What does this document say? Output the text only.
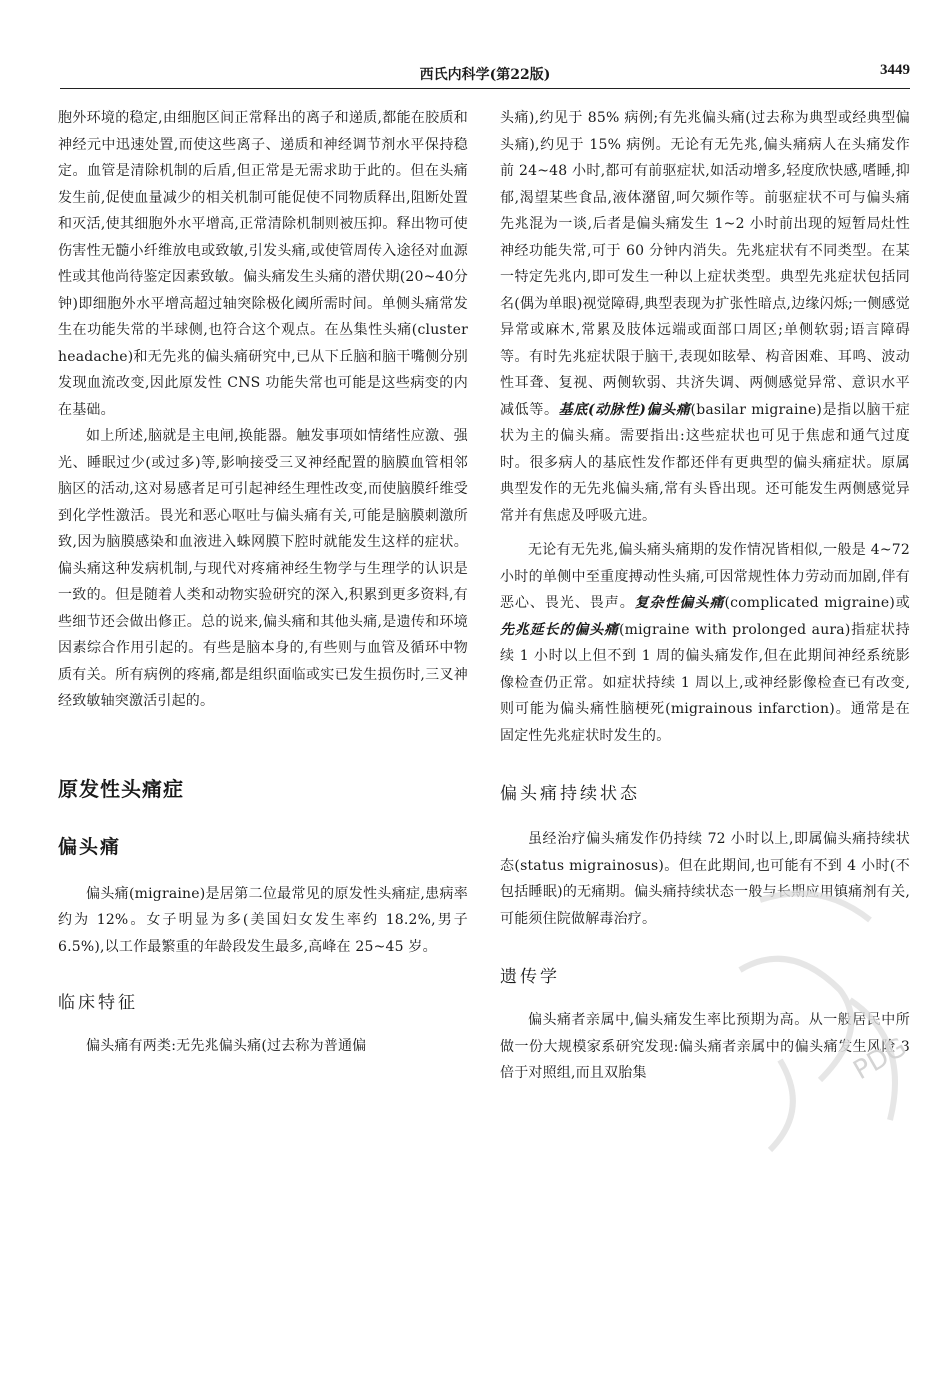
西氏内科学(第22版)	3449

胞外环境的稳定,由细胞区间正常释出的离子和递质,都能在胶质和神经元中迅速处置,而使这些离子、递质和神经调节剂水平保持稳定。血管是清除机制的后盾,但正常是无需求助于此的。但在头痛发生前,促使血量减少的相关机制可能促使不同物质释出,阻断处置和灭活,使其细胞外水平增高,正常清除机制则被压抑。释出物可使伤害性无髓小纤维放电或致敏,引发头痛,或使管周传入途径对血源性或其他尚待鉴定因素致敏。偏头痛发生头痛的潜伏期(20~40分钟)即细胞外水平增高超过轴突除极化阈所需时间。单侧头痛常发生在功能失常的半球侧,也符合这个观点。在丛集性头痛(cluster headache)和无先兆的偏头痛研究中,已从下丘脑和脑干嘴侧分别发现血流改变,因此原发性 CNS 功能失常也可能是这些病变的内在基础。

如上所述,脑就是主电闸,换能器。触发事项如情绪性应激、强光、睡眠过少(或过多)等,影响接受三叉神经配置的脑膜血管相邻脑区的活动,这对易感者足可引起神经生理性改变,而使脑膜纤维受到化学性激活。畏光和恶心呕吐与偏头痛有关,可能是脑膜刺激所致,因为脑膜感染和血液进入蛛网膜下腔时就能发生这样的症状。偏头痛这种发病机制,与现代对疼痛神经生物学与生理学的认识是一致的。但是随着人类和动物实验研究的深入,积累到更多资料,有些细节还会做出修正。总的说来,偏头痛和其他头痛,是遗传和环境因素综合作用引起的。有些是脑本身的,有些则与血管及循环中物质有关。所有病例的疼痛,都是组织面临或实已发生损伤时,三叉神经致敏轴突激活引起的。

原发性头痛症
偏头痛

偏头痛(migraine)是居第二位最常见的原发性头痛症,患病率约为 12%。女子明显为多(美国妇女发生率约 18.2%,男子 6.5%),以工作最繁重的年龄段发生最多,高峰在 25~45 岁。

临床特征

偏头痛有两类:无先兆偏头痛(过去称为普通偏

头痛),约见于 85% 病例;有先兆偏头痛(过去称为典型或经典型偏头痛),约见于 15% 病例。无论有无先兆,偏头痛病人在头痛发作前 24~48 小时,都可有前驱症状,如活动增多,轻度欣快感,嗜睡,抑郁,渴望某些食品,液体潴留,呵欠频作等。前驱症状不可与偏头痛先兆混为一谈,后者是偏头痛发生 1~2 小时前出现的短暂局灶性神经功能失常,可于 60 分钟内消失。先兆症状有不同类型。在某一特定先兆内,即可发生一种以上症状类型。典型先兆症状包括同名(偶为单眼)视觉障碍,典型表现为扩张性暗点,边缘闪烁;一侧感觉异常或麻木,常累及肢体远端或面部口周区;单侧软弱;语言障碍等。有时先兆症状限于脑干,表现如眩晕、构音困难、耳鸣、波动性耳聋、复视、两侧软弱、共济失调、两侧感觉异常、意识水平减低等。基底(动脉性)偏头痛(basilar migraine)是指以脑干症状为主的偏头痛。需要指出:这些症状也可见于焦虑和通气过度时。很多病人的基底性发作都还伴有更典型的偏头痛症状。原属典型发作的无先兆偏头痛,常有头昏出现。还可能发生两侧感觉异常并有焦虑及呼吸亢进。

无论有无先兆,偏头痛头痛期的发作情况皆相似,一般是 4~72 小时的单侧中至重度搏动性头痛,可因常规性体力劳动而加剧,伴有恶心、畏光、畏声。复杂性偏头痛(complicated migraine)或先兆延长的偏头痛(migraine with prolonged aura)指症状持续 1 小时以上但不到 1 周的偏头痛发作,但在此期间神经系统影像检查仍正常。如症状持续 1 周以上,或神经影像检查已有改变,则可能为偏头痛性脑梗死(migrainous infarction)。通常是在固定性先兆症状时发生的。

偏头痛持续状态

虽经治疗偏头痛发作仍持续 72 小时以上,即属偏头痛持续状态(status migrainosus)。但在此期间,也可能有不到 4 小时(不包括睡眠)的无痛期。偏头痛持续状态一般与长期应用镇痛剂有关,可能须住院做解毒治疗。

遗传学

偏头痛者亲属中,偏头痛发生率比预期为高。从一般居民中所做一份大规模家系研究发现:偏头痛者亲属中的偏头痛发生风险 3 倍于对照组,而且双胎集	PDG
